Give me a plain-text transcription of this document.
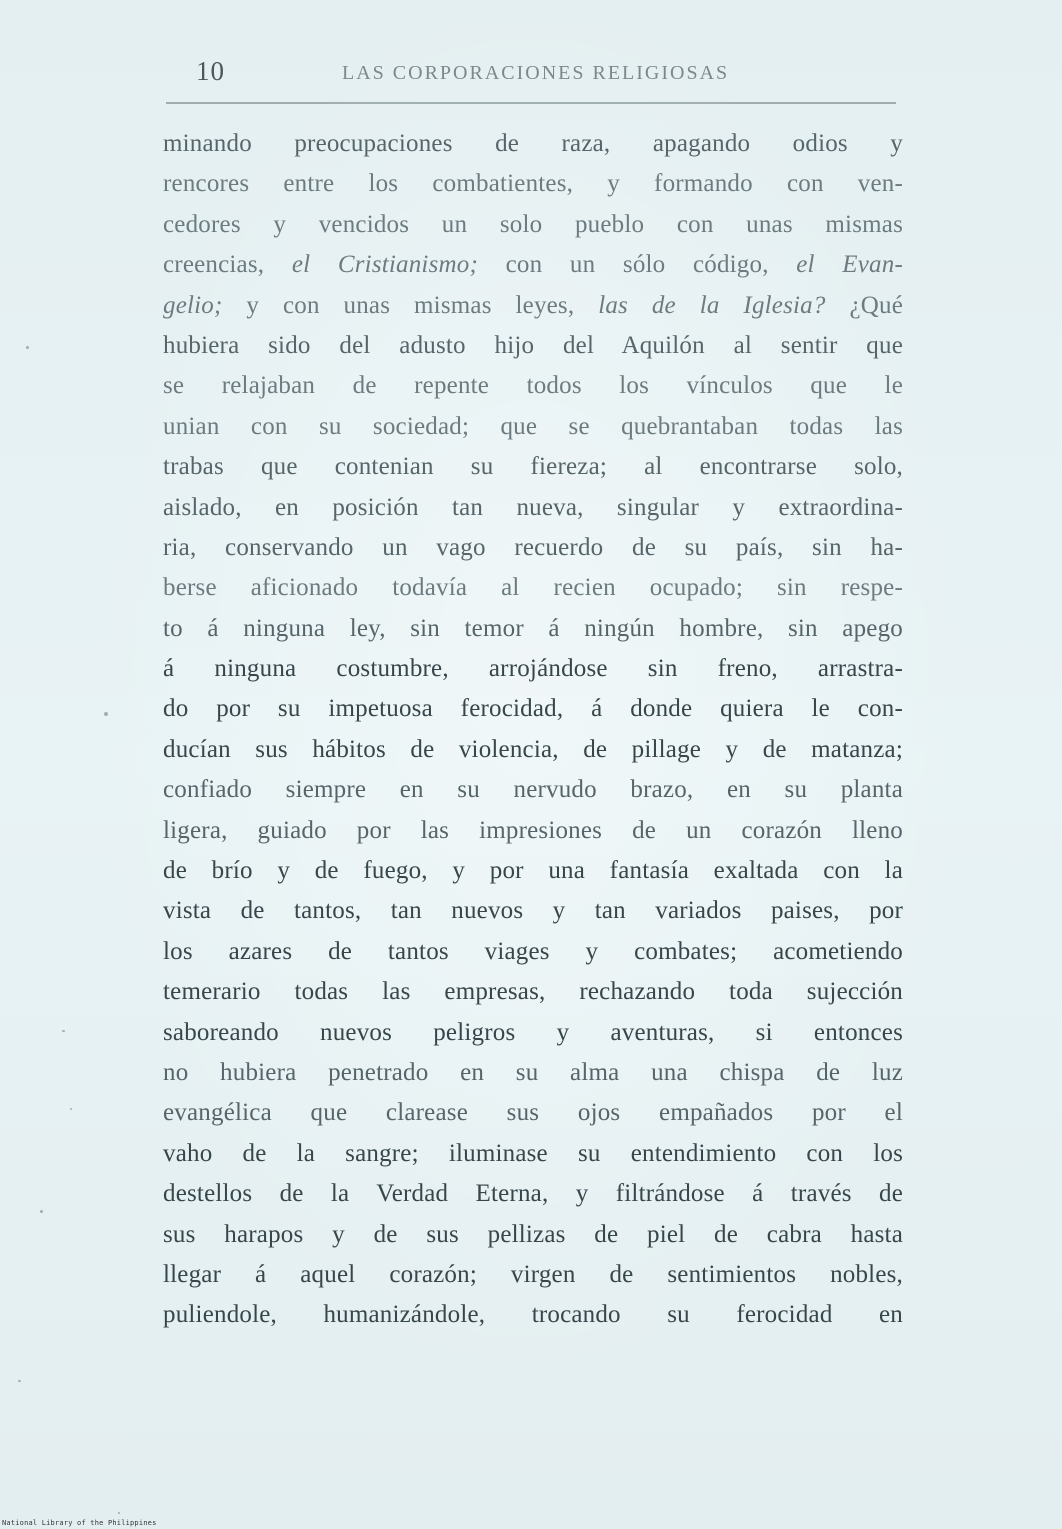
10	LAS CORPORACIONES RELIGIOSAS
minando preocupaciones de raza, apagando odios y
rencores entre los combatientes, y formando con ven-
cedores y vencidos un solo pueblo con unas mismas
creencias, el Cristianismo; con un sólo código, el Evan-
gelio; y con unas mismas leyes, las de la Iglesia? ¿Qué
hubiera sido del adusto hijo del Aquilón al sentir que
se relajaban de repente todos los vínculos que le
unian con su sociedad; que se quebrantaban todas las
trabas que contenian su fiereza; al encontrarse solo,
aislado, en posición tan nueva, singular y extraordina-
ria, conservando un vago recuerdo de su país, sin ha-
berse aficionado todavía al recien ocupado; sin respe-
to á ninguna ley, sin temor á ningún hombre, sin apego
á ninguna costumbre, arrojándose sin freno, arrastra-
do por su impetuosa ferocidad, á donde quiera le con-
ducían sus hábitos de violencia, de pillage y de matanza;
confiado siempre en su nervudo brazo, en su planta
ligera, guiado por las impresiones de un corazón lleno
de brío y de fuego, y por una fantasía exaltada con la
vista de tantos, tan nuevos y tan variados paises, por
los azares de tantos viages y combates; acometiendo
temerario todas las empresas, rechazando toda sujección
saboreando nuevos peligros y aventuras, si entonces
no hubiera penetrado en su alma una chispa de luz
evangélica que clarease sus ojos empañados por el
vaho de la sangre; iluminase su entendimiento con los
destellos de la Verdad Eterna, y filtrándose á través de
sus harapos y de sus pellizas de piel de cabra hasta
llegar á aquel corazón; virgen de sentimientos nobles,
puliendole, humanizándole, trocando su ferocidad en
National Library of the Philippines
